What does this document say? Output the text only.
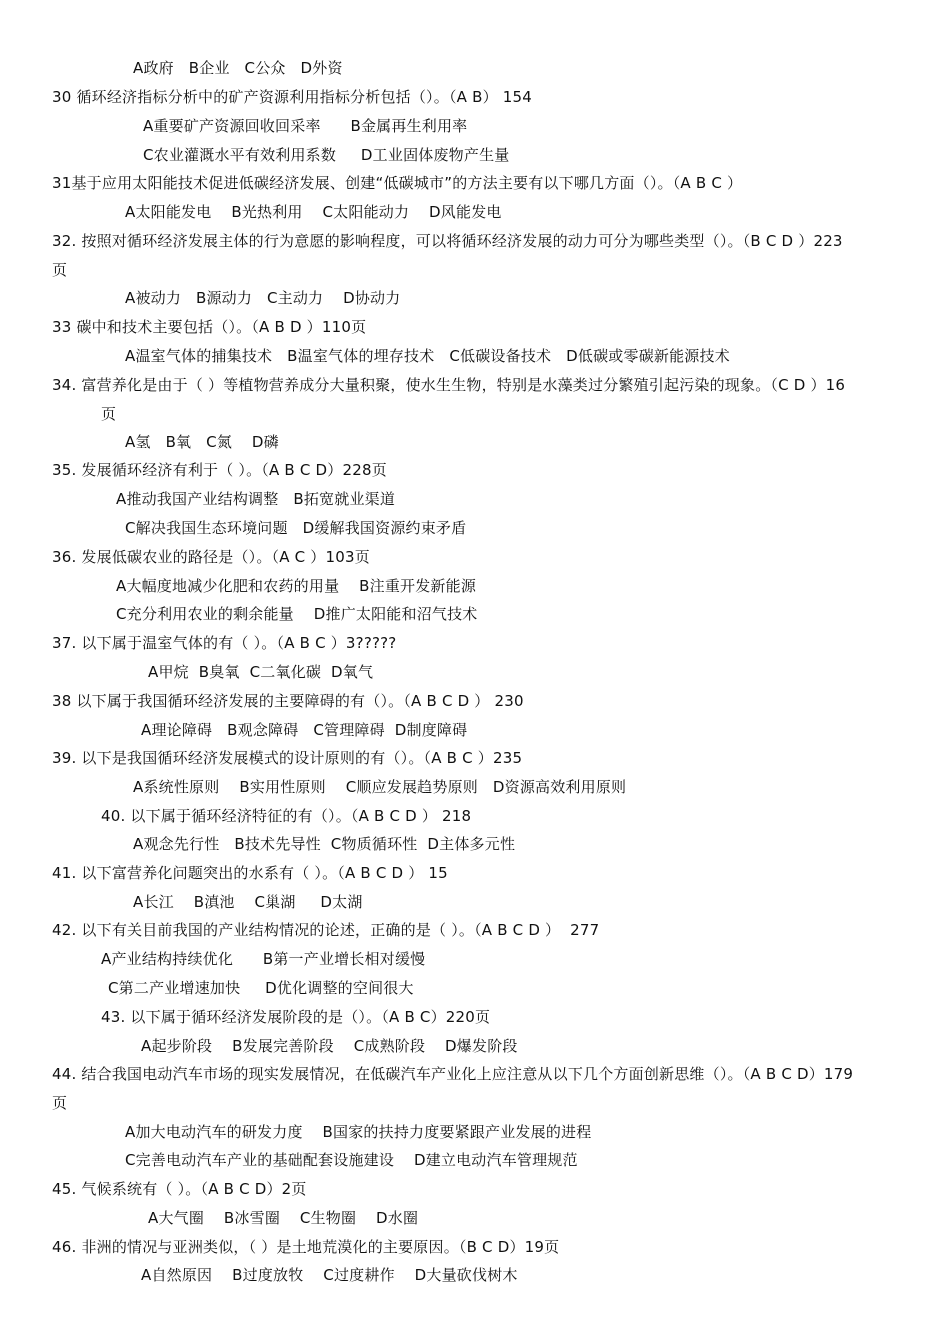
A政府   B企业   C公众   D外资
30 循环经济指标分析中的矿产资源利用指标分析包括（）。（A B） 154
A重要矿产资源回收回采率      B金属再生利用率
C农业灌溉水平有效利用系数     D工业固体废物产生量
31基于应用太阳能技术促进低碳经济发展、创建“低碳城市”的方法主要有以下哪几方面（）。（A B C ）
A太阳能发电    B光热利用    C太阳能动力    D风能发电
32. 按照对循环经济发展主体的行为意愿的影响程度，可以将循环经济发展的动力可分为哪些类型（）。（B C D ）223
页
A被动力   B源动力   C主动力    D协动力
33 碳中和技术主要包括（）。（A B D ）110页
A温室气体的捕集技术   B温室气体的埋存技术   C低碳设备技术   D低碳或零碳新能源技术
34. 富营养化是由于（ ）等植物营养成分大量积聚，使水生生物，特别是水藻类过分繁殖引起污染的现象。（C D ）16
页
A氢   B氧   C氮    D磷
35. 发展循环经济有利于（ ）。（A B C D）228页
A推动我国产业结构调整   B拓宽就业渠道
C解决我国生态环境问题   D缓解我国资源约束矛盾
36. 发展低碳农业的路径是（）。（A C ）103页
A大幅度地减少化肥和农药的用量    B注重开发新能源
C充分利用农业的剩余能量    D推广太阳能和沼气技术
37. 以下属于温室气体的有（ ）。（A B C ）3?????
A甲烷  B臭氧  C二氧化碳  D氧气
38 以下属于我国循环经济发展的主要障碍的有（）。（A B C D ） 230
A理论障碍   B观念障碍   C管理障碍  D制度障碍
39. 以下是我国循环经济发展模式的设计原则的有（）。（A B C ）235
A系统性原则    B实用性原则    C顺应发展趋势原则   D资源高效利用原则
40. 以下属于循环经济特征的有（）。（A B C D ） 218
A观念先行性   B技术先导性  C物质循环性  D主体多元性
41. 以下富营养化问题突出的水系有（ ）。（A B C D ） 15
A长江    B滇池    C巢湖     D太湖
42. 以下有关目前我国的产业结构情况的论述，正确的是（ ）。（A B C D ）  277
A产业结构持续优化      B第一产业增长相对缓慢
C第二产业增速加快     D优化调整的空间很大
43. 以下属于循环经济发展阶段的是（）。（A B C）220页
A起步阶段    B发展完善阶段    C成熟阶段    D爆发阶段
44. 结合我国电动汽车市场的现实发展情况，在低碳汽车产业化上应注意从以下几个方面创新思维（）。（A B C D）179
页
A加大电动汽车的研发力度    B国家的扶持力度要紧跟产业发展的进程
C完善电动汽车产业的基础配套设施建设    D建立电动汽车管理规范
45. 气候系统有（ ）。（A B C D）2页
A大气圈    B冰雪圈    C生物圈    D水圈
46. 非洲的情况与亚洲类似，（ ）是土地荒漠化的主要原因。（B C D）19页
A自然原因    B过度放牧    C过度耕作    D大量砍伐树木
